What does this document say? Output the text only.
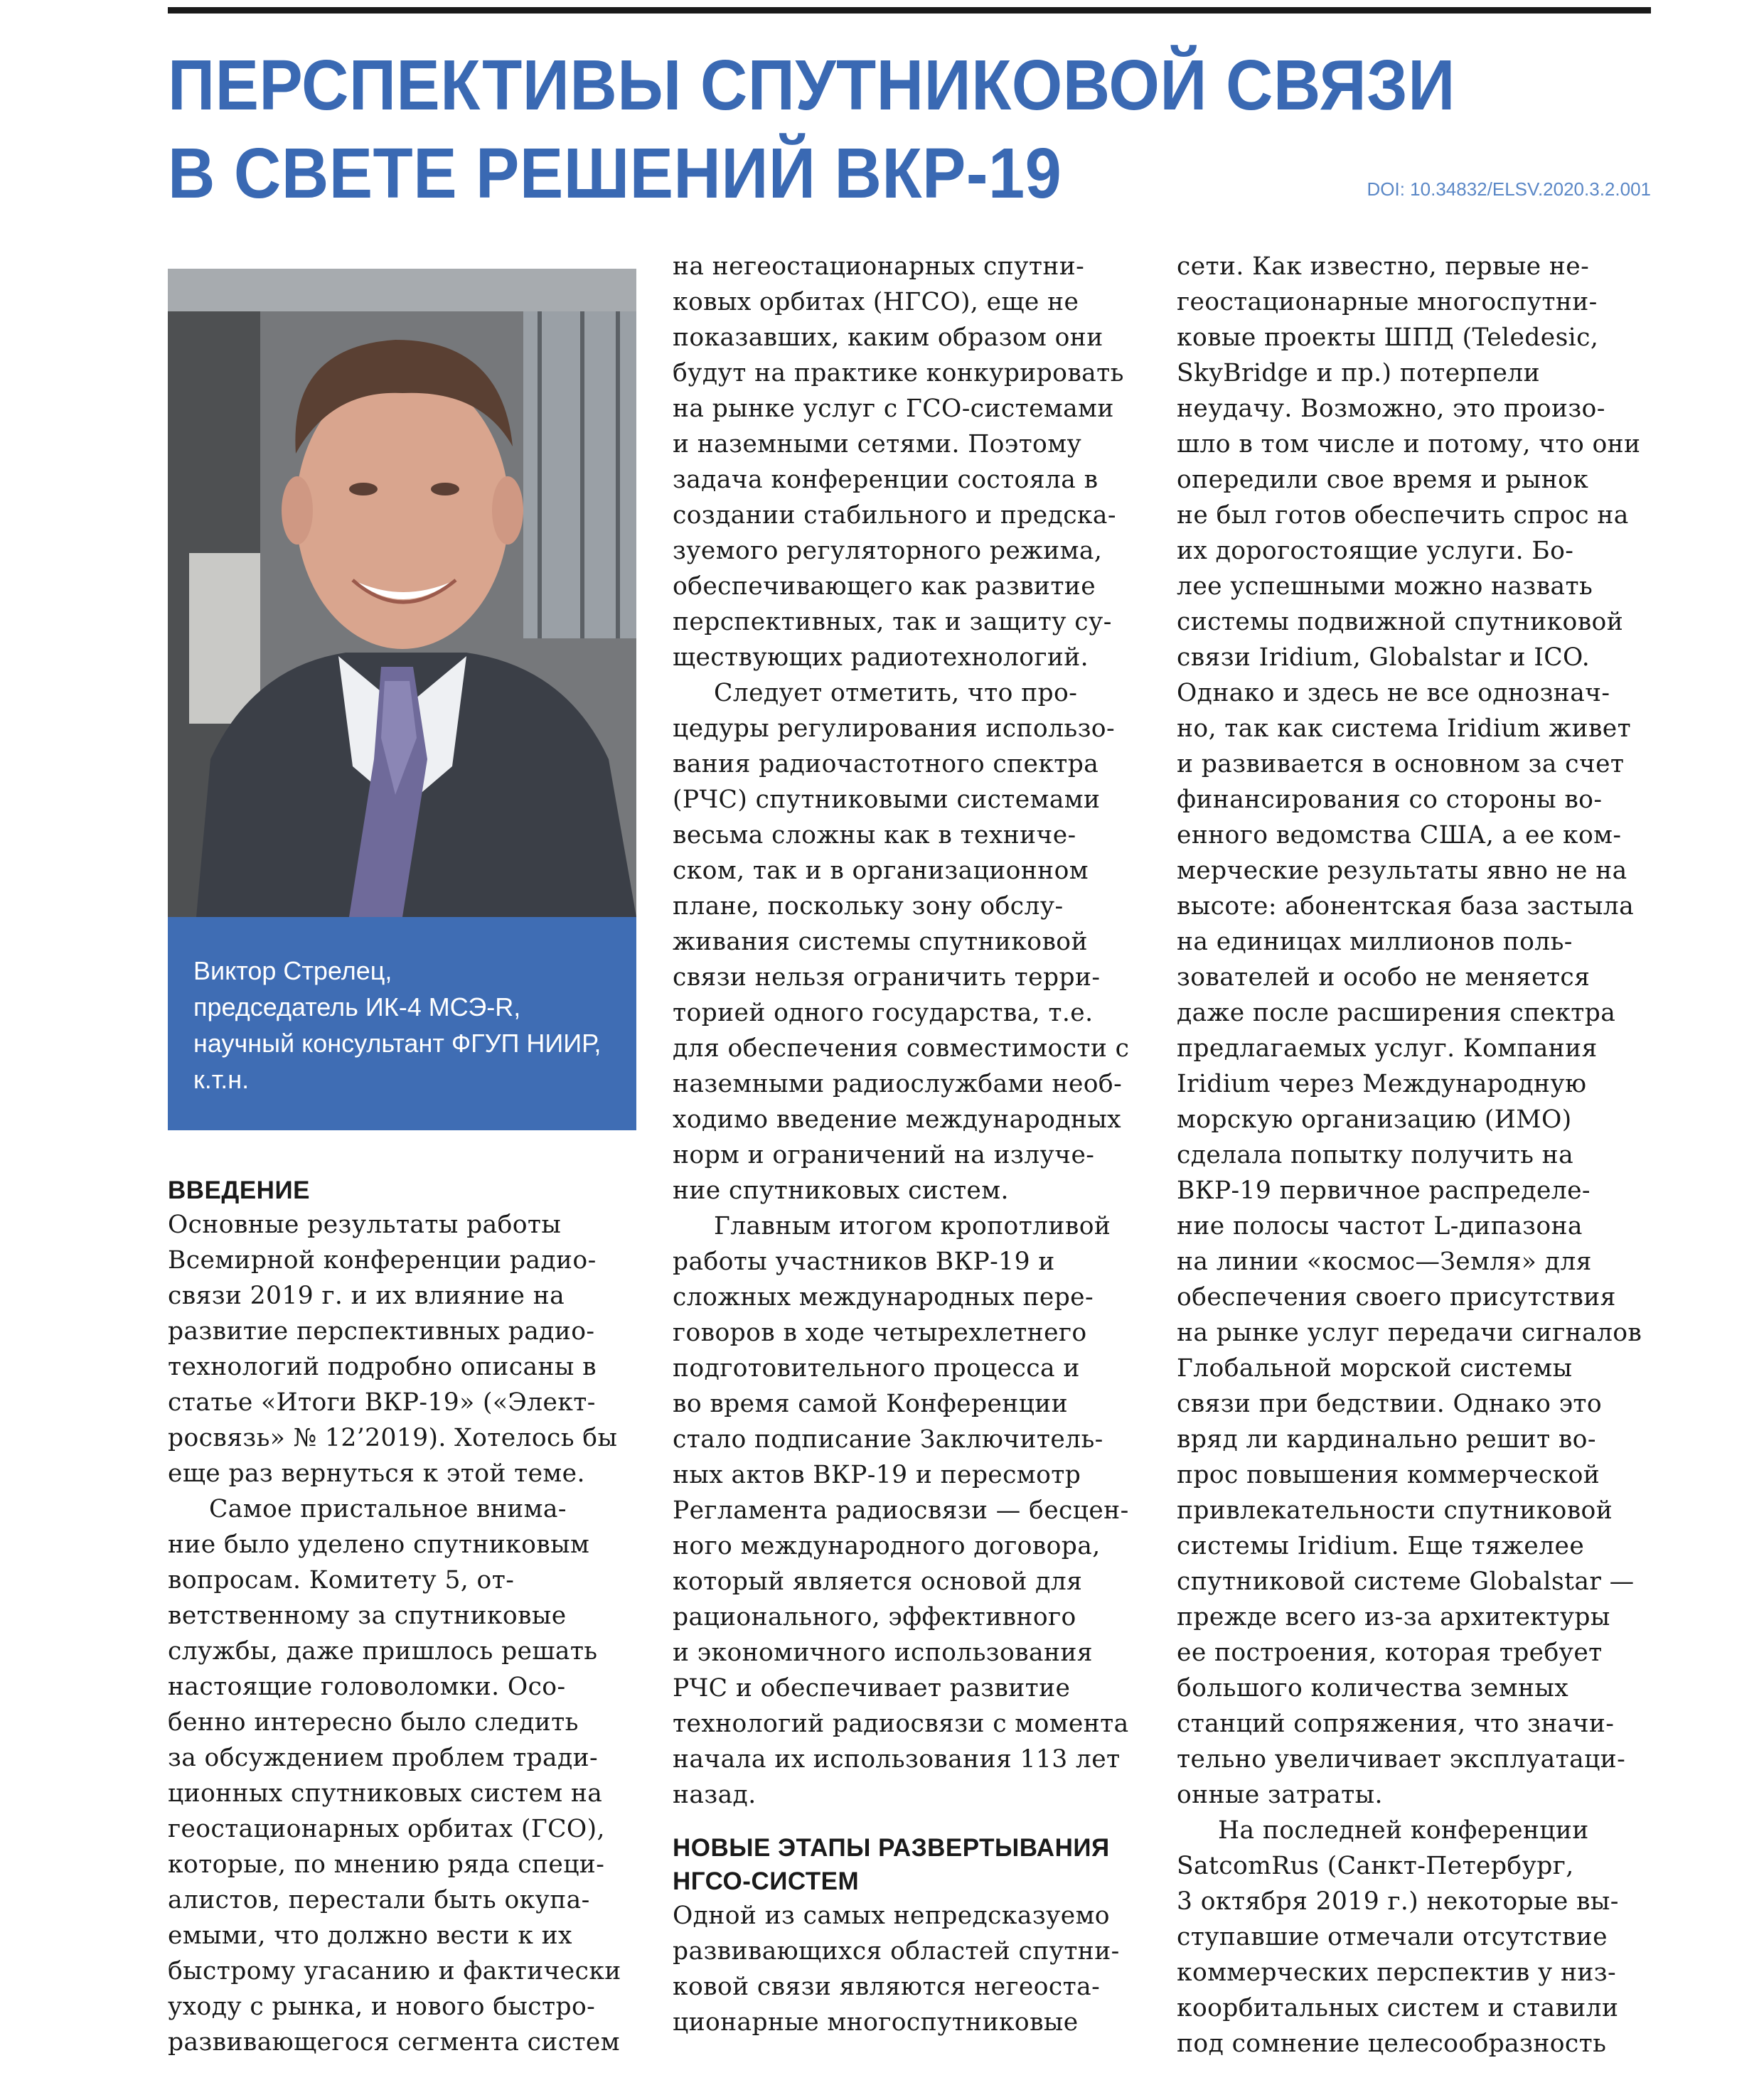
ПЕРСПЕКТИВЫ СПУТНИКОВОЙ СВЯЗИ
В СВЕТЕ РЕШЕНИЙ ВКР-19	DOI: 10.34832/ELSV.2020.3.2.001
Виктор Стрелец,
председатель ИК-4 МСЭ-R,
научный консультант ФГУП НИИР,
к.т.н.
ВВЕДЕНИЕ
Основные результаты работы
Всемирной конференции радио-
связи 2019 г. и их влияние на
развитие перспективных радио-
технологий подробно описаны в
статье «Итоги ВКР-19» («Элект-
росвязь» № 12’2019). Хотелось бы
еще раз вернуться к этой теме.
Самое пристальное внима-
ние было уделено спутниковым
вопросам. Комитету 5, от-
ветственному за спутниковые
службы, даже пришлось решать
настоящие головоломки. Осо-
бенно интересно было следить
за обсуждением проблем тради-
ционных спутниковых систем на
геостационарных орбитах (ГСО),
которые, по мнению ряда специ-
алистов, перестали быть окупа-
емыми, что должно вести к их
быстрому угасанию и фактически
уходу с рынка, и нового быстро-
развивающегося сегмента систем
на негеостационарных спутни-
ковых орбитах (НГСО), еще не
показавших, каким образом они
будут на практике конкурировать
на рынке услуг с ГСО-системами
и наземными сетями. Поэтому
задача конференции состояла в
создании стабильного и предска-
зуемого регуляторного режима,
обеспечивающего как развитие
перспективных, так и защиту су-
ществующих радиотехнологий.
Следует отметить, что про-
цедуры регулирования использо-
вания радиочастотного спектра
(РЧС) спутниковыми системами
весьма сложны как в техниче-
ском, так и в организационном
плане, поскольку зону обслу-
живания системы спутниковой
связи нельзя ограничить терри-
торией одного государства, т.е.
для обеспечения совместимости с
наземными радиослужбами необ-
ходимо введение международных
норм и ограничений на излуче-
ние спутниковых систем.
Главным итогом кропотливой
работы участников ВКР-19 и
сложных международных пере-
говоров в ходе четырехлетнего
подготовительного процесса и
во время самой Конференции
стало подписание Заключитель-
ных актов ВКР-19 и пересмотр
Регламента радиосвязи — бесцен-
ного международного договора,
который является основой для
рационального, эффективного
и экономичного использования
РЧС и обеспечивает развитие
технологий радиосвязи с момента
начала их использования 113 лет
назад.
НОВЫЕ ЭТАПЫ РАЗВЕРТЫВАНИЯ
НГСО-СИСТЕМ
Одной из самых непредсказуемо
развивающихся областей спутни-
ковой связи являются негеоста-
ционарные многоспутниковые
сети. Как известно, первые не-
геостационарные многоспутни-
ковые проекты ШПД (Teledesic,
SkyBridge и пр.) потерпели
неудачу. Возможно, это произо-
шло в том числе и потому, что они
опередили свое время и рынок
не был готов обеспечить спрос на
их дорогостоящие услуги. Бо-
лее успешными можно назвать
системы подвижной спутниковой
связи Iridium, Globalstar и ICO.
Однако и здесь не все однознач-
но, так как система Iridium живет
и развивается в основном за счет
финансирования со стороны во-
енного ведомства США, а ее ком-
мерческие результаты явно не на
высоте: абонентская база застыла
на единицах миллионов поль-
зователей и особо не меняется
даже после расширения спектра
предлагаемых услуг. Компания
Iridium через Международную
морскую организацию (ИМО)
сделала попытку получить на
ВКР-19 первичное распределе-
ние полосы частот L-дипазона
на линии «космос—Земля» для
обеспечения своего присутствия
на рынке услуг передачи сигналов
Глобальной морской системы
связи при бедствии. Однако это
вряд ли кардинально решит во-
прос повышения коммерческой
привлекательности спутниковой
системы Iridium. Еще тяжелее
спутниковой системе Globalstar —
прежде всего из-за архитектуры
ее построения, которая требует
большого количества земных
станций сопряжения, что значи-
тельно увеличивает эксплуатаци-
онные затраты.
На последней конференции
SatcomRus (Санкт-Петербург,
3 октября 2019 г.) некоторые вы-
ступавшие отмечали отсутствие
коммерческих перспектив у низ-
коорбитальных систем и ставили
под сомнение целесообразность
